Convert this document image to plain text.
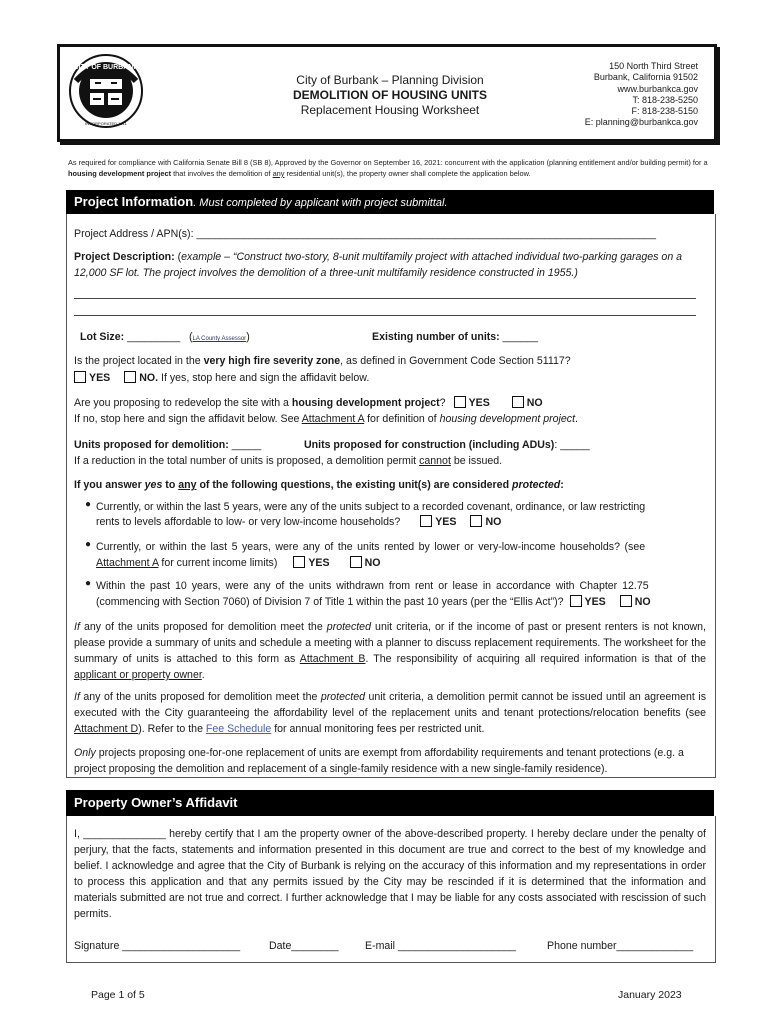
CITY OF BURBANK
INCORPORATED 1911
City of Burbank – Planning Division
DEMOLITION OF HOUSING UNITS
Replacement Housing Worksheet
150 North Third Street
Burbank, California 91502
www.burbankca.gov
T: 818-238-5250
F: 818-238-5150
E: planning@burbankca.gov
As required for compliance with California Senate Bill 8 (SB 8), Approved by the Governor on September 16, 2021: concurrent with the application (planning entitlement and/or building permit) for a housing development project that involves the demolition of any residential unit(s), the property owner shall complete the application below.
Project Information. Must completed by applicant with project submittal.
Project Address / APN(s): ______________________________________________________________________________
Project Description: (example – “Construct two-story, 8-unit multifamily project with attached individual two-parking garages on a 12,000 SF lot. The project involves the demolition of a three-unit multifamily residence constructed in 1955.)
Lot Size: _________   (LA County Assessor)	Existing number of units: ______
Is the project located in the very high fire severity zone, as defined in Government Code Section 51117?
YES	NO. If yes, stop here and sign the affidavit below.
Are you proposing to redevelop the site with a housing development project? YES	NO
If no, stop here and sign the affidavit below. See Attachment A for definition of housing development project.
Units proposed for demolition: _____	Units proposed for construction (including ADUs): _____
If a reduction in the total number of units is proposed, a demolition permit cannot be issued.
If you answer yes to any of the following questions, the existing unit(s) are considered protected:
● Currently, or within the last 5 years, were any of the units subject to a recorded covenant, ordinance, or law restricting
rents to levels affordable to low- or very low-income households?	YES	NO
● Currently, or within the last 5 years, were any of the units rented by lower or very-low-income households? (see
Attachment A for current income limits)	YES	NO
● Within the past 10 years, were any of the units withdrawn from rent or lease in accordance with Chapter 12.75
(commencing with Section 7060) of Division 7 of Title 1 within the past 10 years (per the “Ellis Act”)? YES	NO
If any of the units proposed for demolition meet the protected unit criteria, or if the income of past or present renters is not known, please provide a summary of units and schedule a meeting with a planner to discuss replacement requirements. The worksheet for the summary of units is attached to this form as Attachment B. The responsibility of acquiring all required information is that of the applicant or property owner.
If any of the units proposed for demolition meet the protected unit criteria, a demolition permit cannot be issued until an agreement is executed with the City guaranteeing the affordability level of the replacement units and tenant protections/relocation benefits (see Attachment D). Refer to the Fee Schedule for annual monitoring fees per restricted unit.
Only projects proposing one-for-one replacement of units are exempt from affordability requirements and tenant protections (e.g. a project proposing the demolition and replacement of a single-family residence with a new single-family residence).
Property Owner’s Affidavit
I, ______________ hereby certify that I am the property owner of the above-described property. I hereby declare under the penalty of perjury, that the facts, statements and information presented in this document are true and correct to the best of my knowledge and belief. I acknowledge and agree that the City of Burbank is relying on the accuracy of this information and my representations in order to process this application and that any permits issued by the City may be rescinded if it is determined that the information and materials submitted are not true and correct. I further acknowledge that I may be liable for any costs associated with rescission of such permits.
Signature ____________________	Date________ E-mail ____________________	Phone number_____________
Page 1 of 5	January 2023
